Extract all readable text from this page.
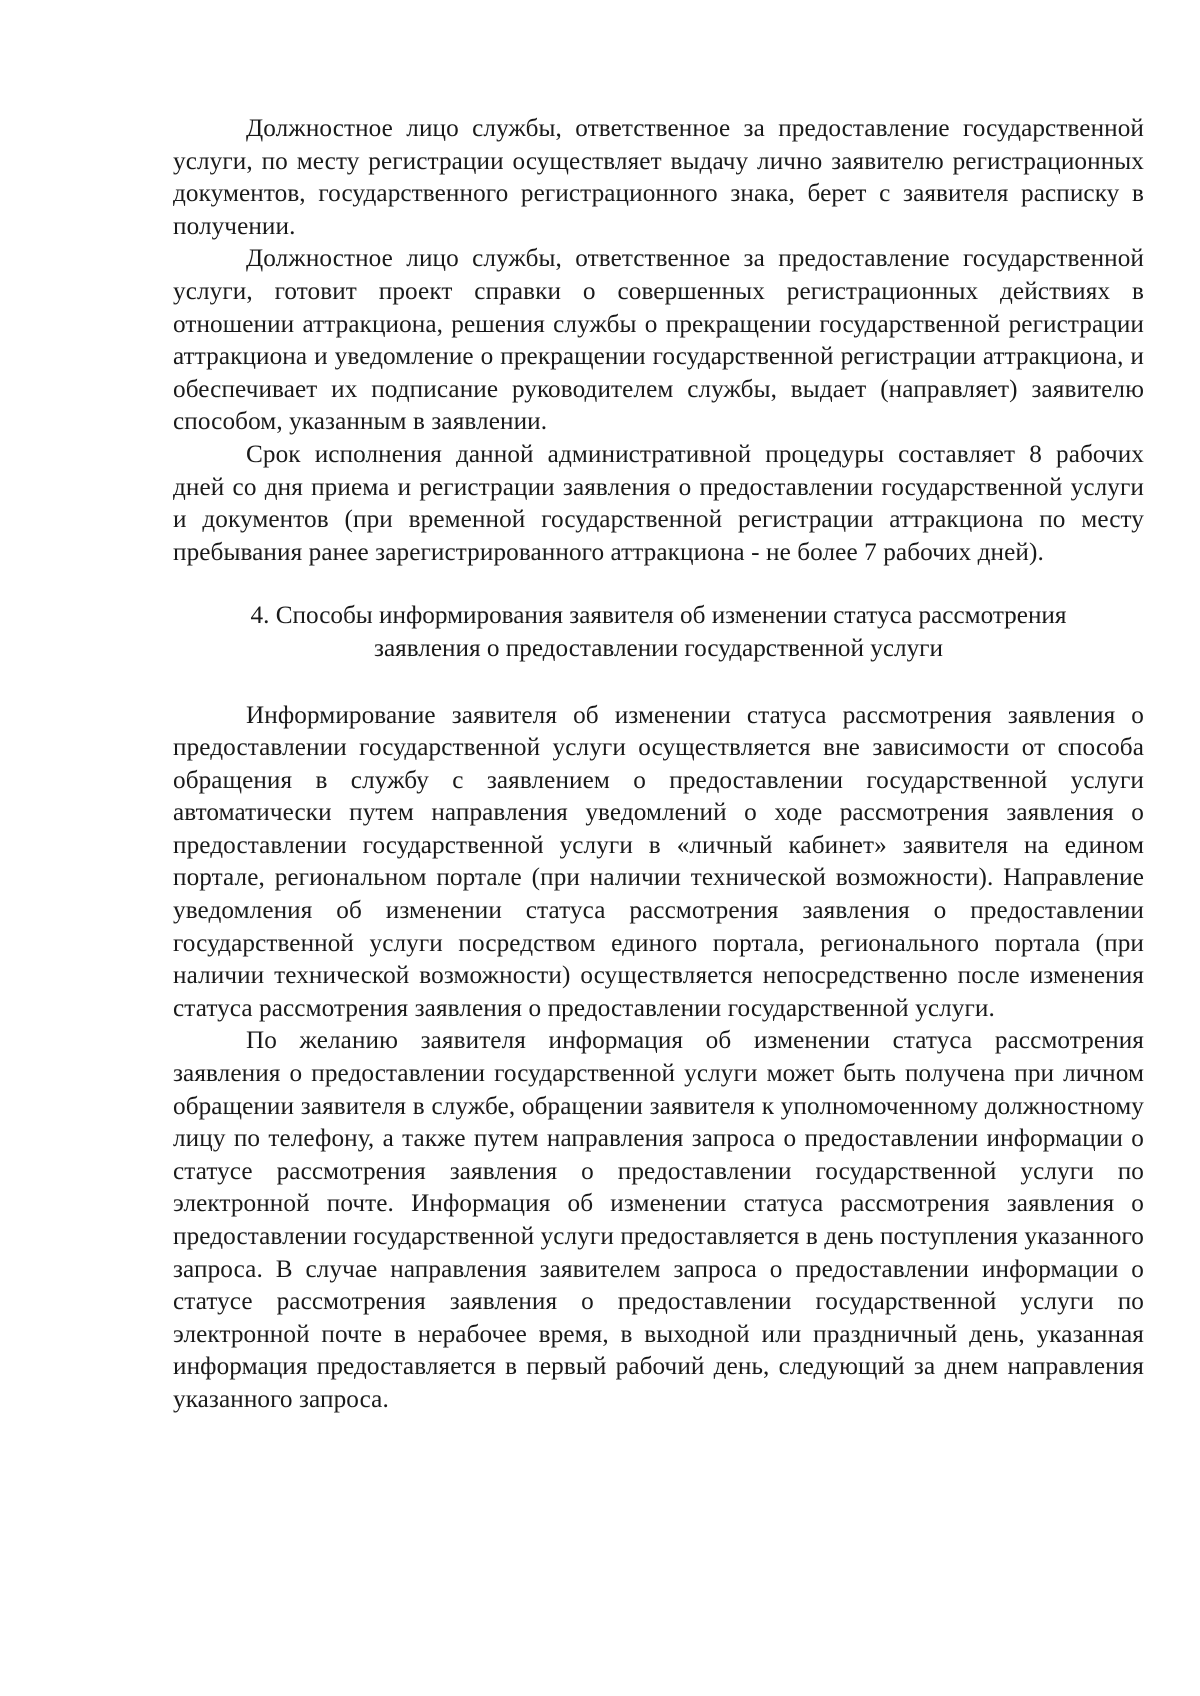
Должностное лицо службы, ответственное за предоставление государственной услуги, по месту регистрации осуществляет выдачу лично заявителю регистрационных документов, государственного регистрационного знака, берет с заявителя расписку в получении.

Должностное лицо службы, ответственное за предоставление государственной услуги, готовит проект справки о совершенных регистрационных действиях в отношении аттракциона, решения службы о прекращении государственной регистрации аттракциона и уведомление о прекращении государственной регистрации аттракциона, и обеспечивает их подписание руководителем службы, выдает (направляет) заявителю способом, указанным в заявлении.

Срок исполнения данной административной процедуры составляет 8 рабочих дней со дня приема и регистрации заявления о предоставлении государственной услуги и документов (при временной государственной регистрации аттракциона по месту пребывания ранее зарегистрированного аттракциона - не более 7 рабочих дней).

4. Способы информирования заявителя об изменении статуса рассмотрения
заявления о предоставлении государственной услуги

Информирование заявителя об изменении статуса рассмотрения заявления о предоставлении государственной услуги осуществляется вне зависимости от способа обращения в службу с заявлением о предоставлении государственной услуги автоматически путем направления уведомлений о ходе рассмотрения заявления о предоставлении государственной услуги в «личный кабинет» заявителя на едином портале, региональном портале (при наличии технической возможности). Направление уведомления об изменении статуса рассмотрения заявления о предоставлении государственной услуги посредством единого портала, регионального портала (при наличии технической возможности) осуществляется непосредственно после изменения статуса рассмотрения заявления о предоставлении государственной услуги.

По желанию заявителя информация об изменении статуса рассмотрения заявления о предоставлении государственной услуги может быть получена при личном обращении заявителя в службе, обращении заявителя к уполномоченному должностному лицу по телефону, а также путем направления запроса о предоставлении информации о статусе рассмотрения заявления о предоставлении государственной услуги по электронной почте. Информация об изменении статуса рассмотрения заявления о предоставлении государственной услуги предоставляется в день поступления указанного запроса. В случае направления заявителем запроса о предоставлении информации о статусе рассмотрения заявления о предоставлении государственной услуги по электронной почте в нерабочее время, в выходной или праздничный день, указанная информация предоставляется в первый рабочий день, следующий за днем направления указанного запроса.
